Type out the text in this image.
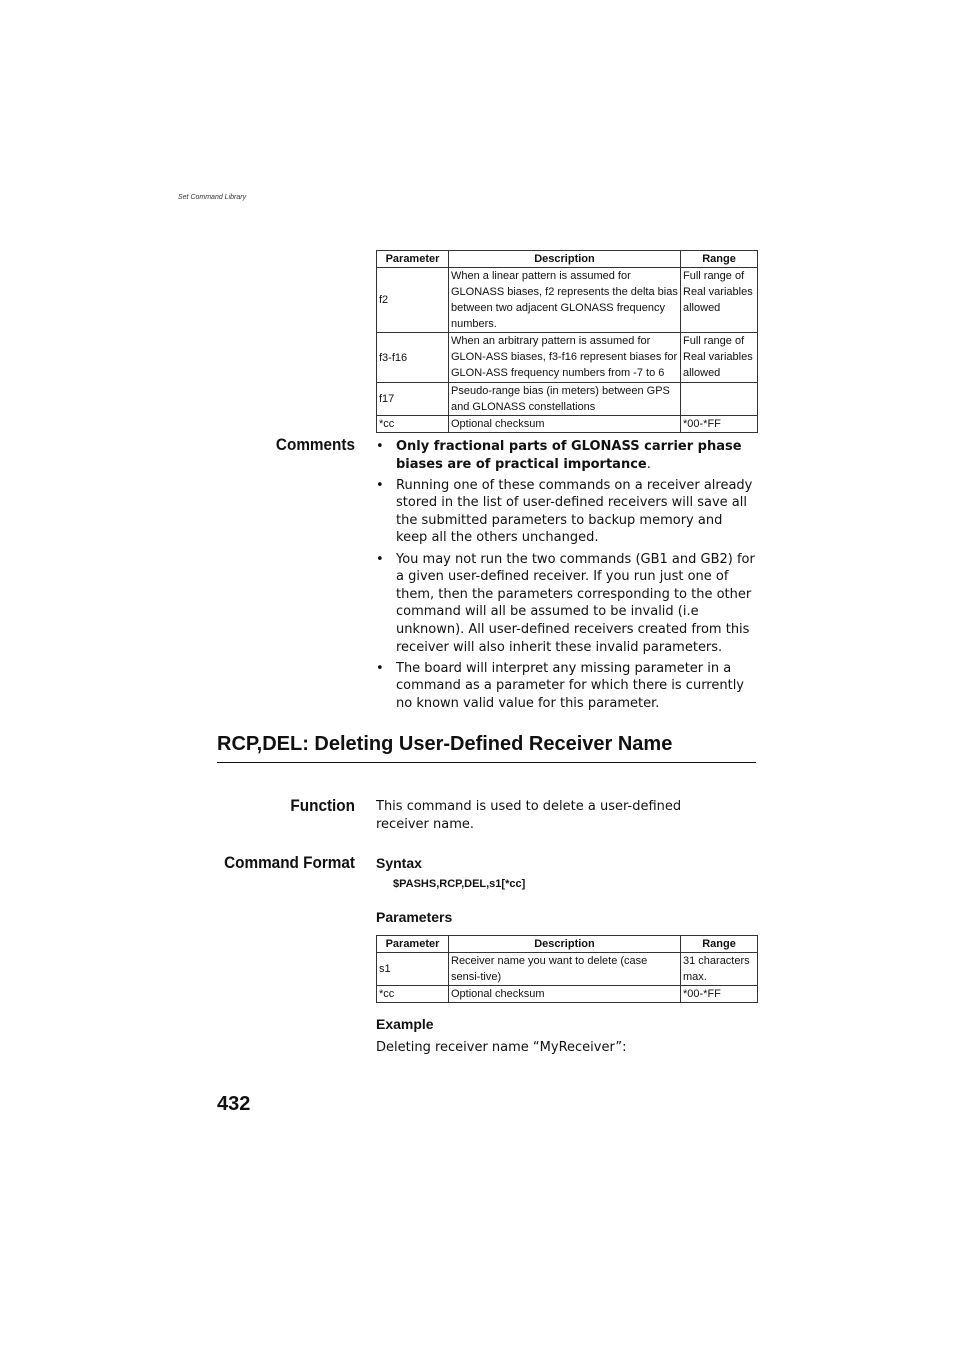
Set Command Library
Parameter	Description	Range
f2	When a linear pattern is assumed for GLONASS biases, f2 represents the delta bias between two adjacent GLONASS frequency numbers.	Full range of Real variables allowed
f3-f16	When an arbitrary pattern is assumed for GLON-ASS biases, f3-f16 represent biases for GLON-ASS frequency numbers from -7 to 6	Full range of Real variables allowed
f17	Pseudo-range bias (in meters) between GPS and GLONASS constellations	
*cc	Optional checksum	*00-*FF
Comments	• Only fractional parts of GLONASS carrier phase biases are of practical importance.
• Running one of these commands on a receiver already stored in the list of user-defined receivers will save all the submitted parameters to backup memory and keep all the others unchanged.
• You may not run the two commands (GB1 and GB2) for a given user-defined receiver. If you run just one of them, then the parameters corresponding to the other command will all be assumed to be invalid (i.e unknown). All user-defined receivers created from this receiver will also inherit these invalid parameters.
• The board will interpret any missing parameter in a command as a parameter for which there is currently no known valid value for this parameter.
RCP,DEL: Deleting User-Defined Receiver Name
Function This command is used to delete a user-defined receiver name.
Command Format Syntax
$PASHS,RCP,DEL,s1[*cc]
Parameters
Parameter	Description	Range
s1	Receiver name you want to delete (case sensi-tive)	31 characters max.
*cc	Optional checksum	*00-*FF
Example
Deleting receiver name “MyReceiver”:
432
